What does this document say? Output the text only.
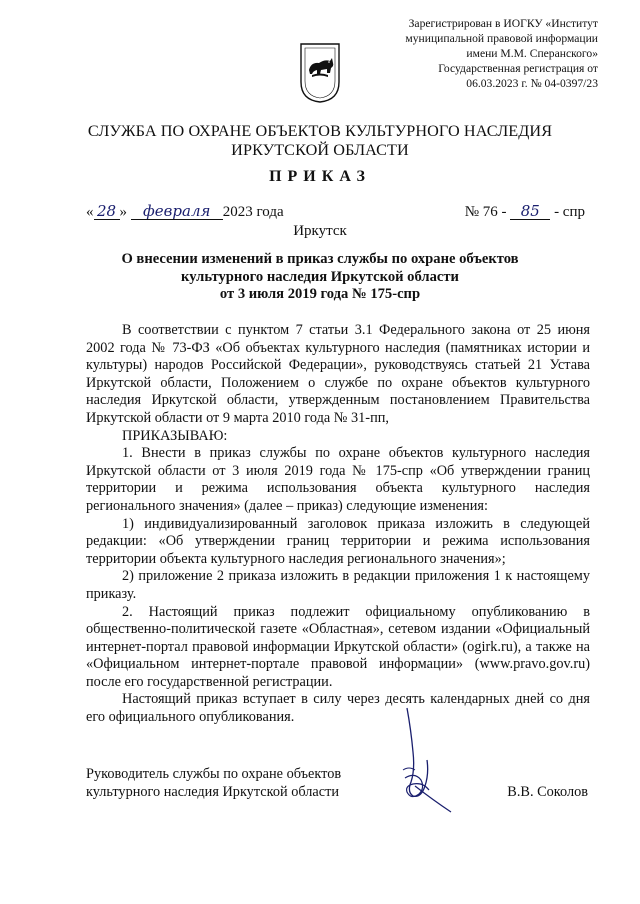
Зарегистрирован в ИОГКУ «Институт
муниципальной правовой информации
имени М.М. Сперанского»
Государственная регистрация от
06.03.2023 г. № 04-0397/23
СЛУЖБА ПО ОХРАНЕ ОБЪЕКТОВ КУЛЬТУРНОГО НАСЛЕДИЯ
ИРКУТСКОЙ ОБЛАСТИ
ПРИКАЗ
« 28 » февраля 2023 года	№ 76 - 85 - спр
Иркутск
О внесении изменений в приказ службы по охране объектов
культурного наследия Иркутской области
от 3 июля 2019 года № 175-спр

В соответствии с пунктом 7 статьи 3.1 Федерального закона от 25 июня 2002 года № 73-ФЗ «Об объектах культурного наследия (памятниках истории и культуры) народов Российской Федерации», руководствуясь статьей 21 Устава Иркутской области, Положением о службе по охране объектов культурного наследия Иркутской области, утвержденным постановлением Правительства Иркутской области от 9 марта 2010 года № 31-пп,

ПРИКАЗЫВАЮ:

1. Внести в приказ службы по охране объектов культурного наследия Иркутской области от 3 июля 2019 года № 175-спр «Об утверждении границ территории и режима использования объекта культурного наследия регионального значения» (далее – приказ) следующие изменения:

1) индивидуализированный заголовок приказа изложить в следующей редакции: «Об утверждении границ территории и режима использования территории объекта культурного наследия регионального значения»;

2) приложение 2 приказа изложить в редакции приложения 1 к настоящему приказу.

2. Настоящий приказ подлежит официальному опубликованию в общественно-политической газете «Областная», сетевом издании «Официальный интернет-портал правовой информации Иркутской области» (ogirk.ru), а также на «Официальном интернет-портале правовой информации» (www.pravo.gov.ru) после его государственной регистрации.

Настоящий приказ вступает в силу через десять календарных дней со дня его официального опубликования.

Руководитель службы по охране объектов
культурного наследия Иркутской области	В.В. Соколов
